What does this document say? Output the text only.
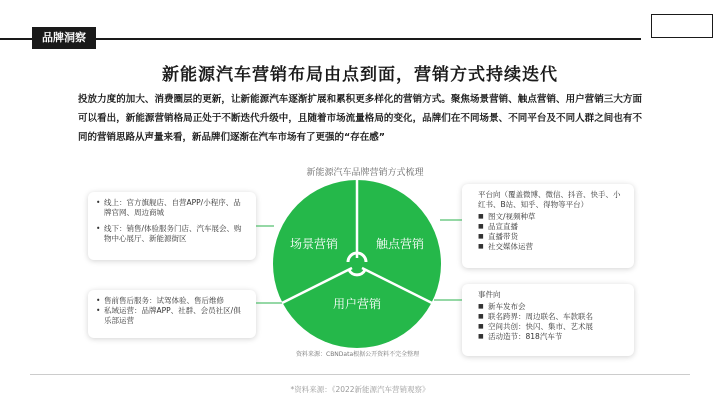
品牌洞察
新能源汽车营销布局由点到面，营销方式持续迭代
投放力度的加大、消费圈层的更新，让新能源汽车逐渐扩展和累积更多样化的营销方式。聚焦场景营销、触点营销、用户营销三大方面可以看出，新能源营销格局正处于不断迭代升级中，且随着市场流量格局的变化，品牌们在不同场景、不同平台及不同人群之间也有不同的营销思路从声量来看，新品牌们逐渐在汽车市场有了更强的“存在感”
新能源汽车品牌营销方式梳理
• 线上：官方旗舰店、自营APP/小程序、品牌官网、周边商城
• 线下：销售/体验服务门店、汽车展会、购物中心展厅、新能源街区
• 售前售后服务：试驾体验、售后维修
• 私域运营：品牌APP、社群、会员社区/俱乐部运营
平台向（覆盖微博、微信、抖音、快手、小红书、B站、知乎、得物等平台）
■ 图文/视频种草
■ 品宣直播
■ 直播带货
■ 社交媒体运营
事件向
■ 新车发布会
■ 联名跨界：周边联名、车款联名
■ 空间共创：快闪、集市、艺术展
■ 活动造节：818汽车节
场景营销	触点营销
用户营销
资料来源：CBNData根据公开资料不完全整理
*资料来源：《2022新能源汽车营销观察》
